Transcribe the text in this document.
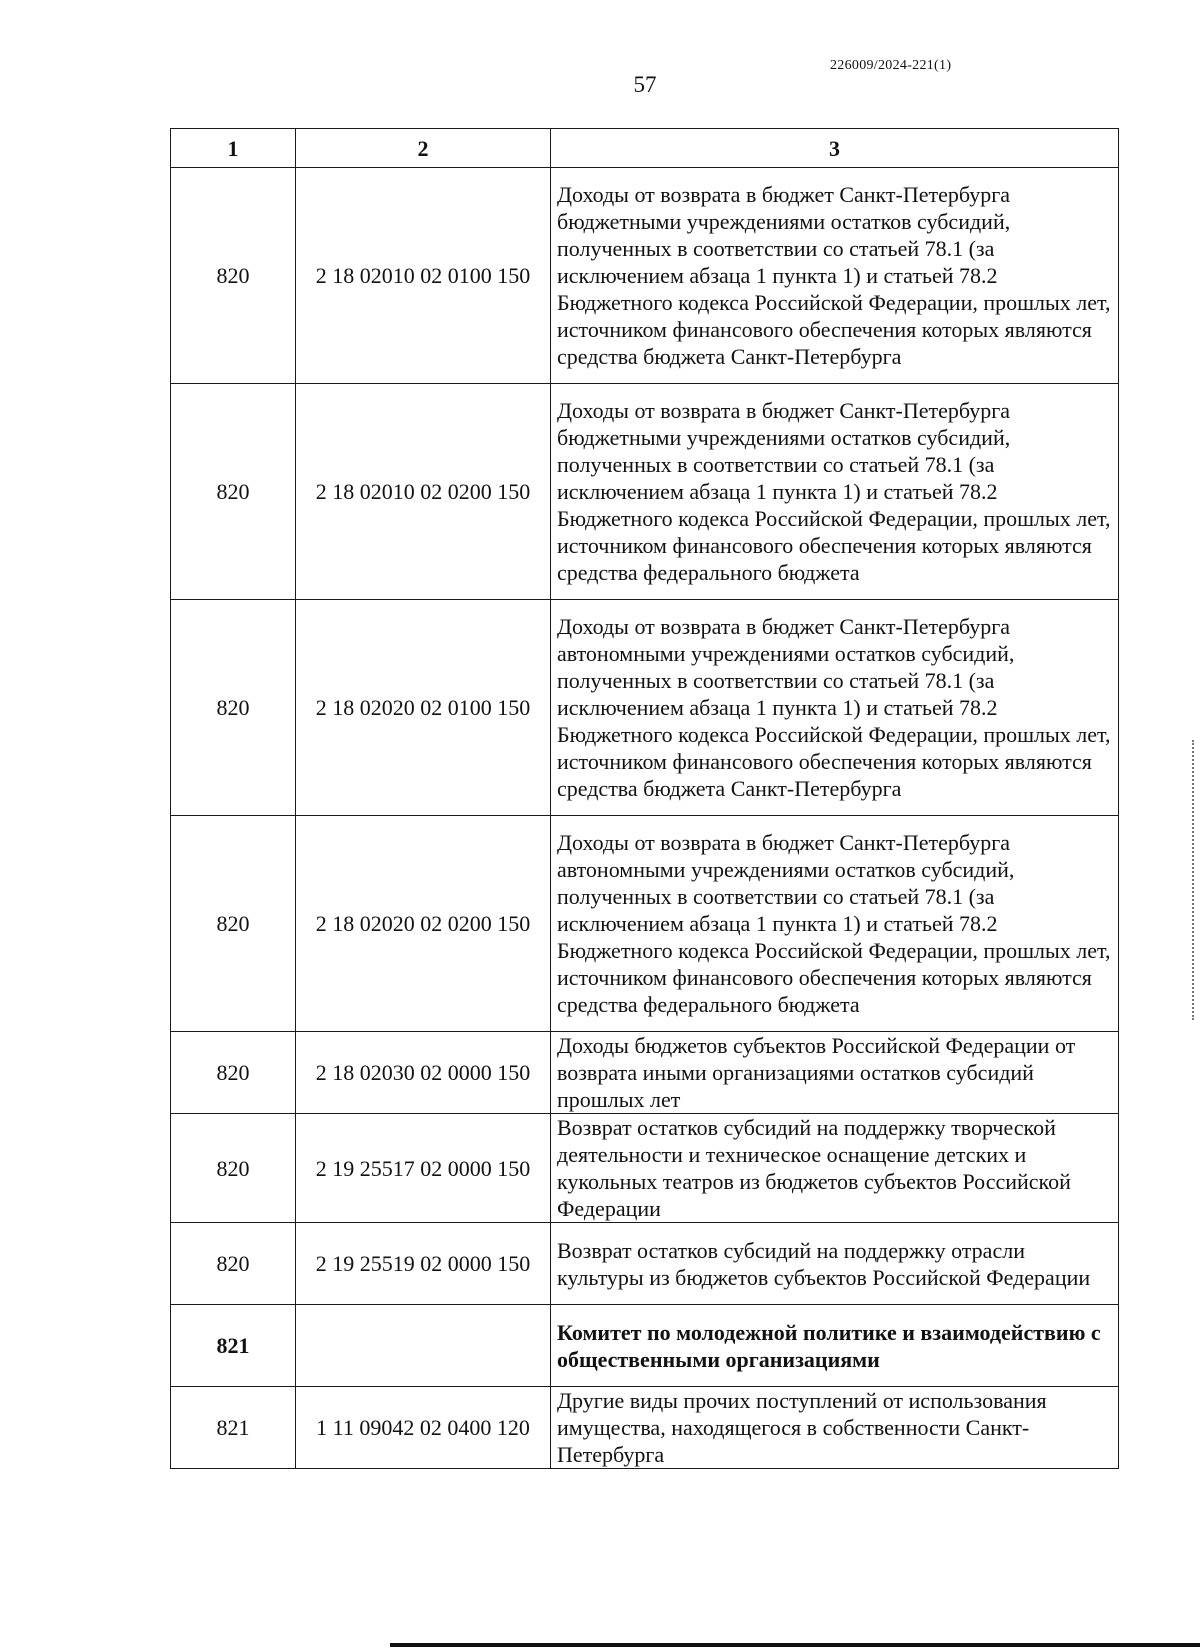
226009/2024-221(1)
57
1	2	3
820	2 18 02010 02 0100 150	Доходы от возврата в бюджет Санкт-Петербурга бюджетными учреждениями остатков субсидий, полученных в соответствии со статьей 78.1 (за исключением абзаца 1 пункта 1) и статьей 78.2 Бюджетного кодекса Российской Федерации, прошлых лет, источником финансового обеспечения которых являются средства бюджета Санкт-Петербурга
820	2 18 02010 02 0200 150	Доходы от возврата в бюджет Санкт-Петербурга бюджетными учреждениями остатков субсидий, полученных в соответствии со статьей 78.1 (за исключением абзаца 1 пункта 1) и статьей 78.2 Бюджетного кодекса Российской Федерации, прошлых лет, источником финансового обеспечения которых являются средства федерального бюджета
820	2 18 02020 02 0100 150	Доходы от возврата в бюджет Санкт-Петербурга автономными учреждениями остатков субсидий, полученных в соответствии со статьей 78.1 (за исключением абзаца 1 пункта 1) и статьей 78.2 Бюджетного кодекса Российской Федерации, прошлых лет, источником финансового обеспечения которых являются средства бюджета Санкт-Петербурга
820	2 18 02020 02 0200 150	Доходы от возврата в бюджет Санкт-Петербурга автономными учреждениями остатков субсидий, полученных в соответствии со статьей 78.1 (за исключением абзаца 1 пункта 1) и статьей 78.2 Бюджетного кодекса Российской Федерации, прошлых лет, источником финансового обеспечения которых являются средства федерального бюджета
820	2 18 02030 02 0000 150	Доходы бюджетов субъектов Российской Федерации от возврата иными организациями остатков субсидий прошлых лет
820	2 19 25517 02 0000 150	Возврат остатков субсидий на поддержку творческой деятельности и техническое оснащение детских и кукольных театров из бюджетов субъектов Российской Федерации
820	2 19 25519 02 0000 150	Возврат остатков субсидий на поддержку отрасли культуры из бюджетов субъектов Российской Федерации
821		Комитет по молодежной политике и взаимодействию с общественными организациями
821	1 11 09042 02 0400 120	Другие виды прочих поступлений от использования имущества, находящегося в собственности Санкт-Петербурга
